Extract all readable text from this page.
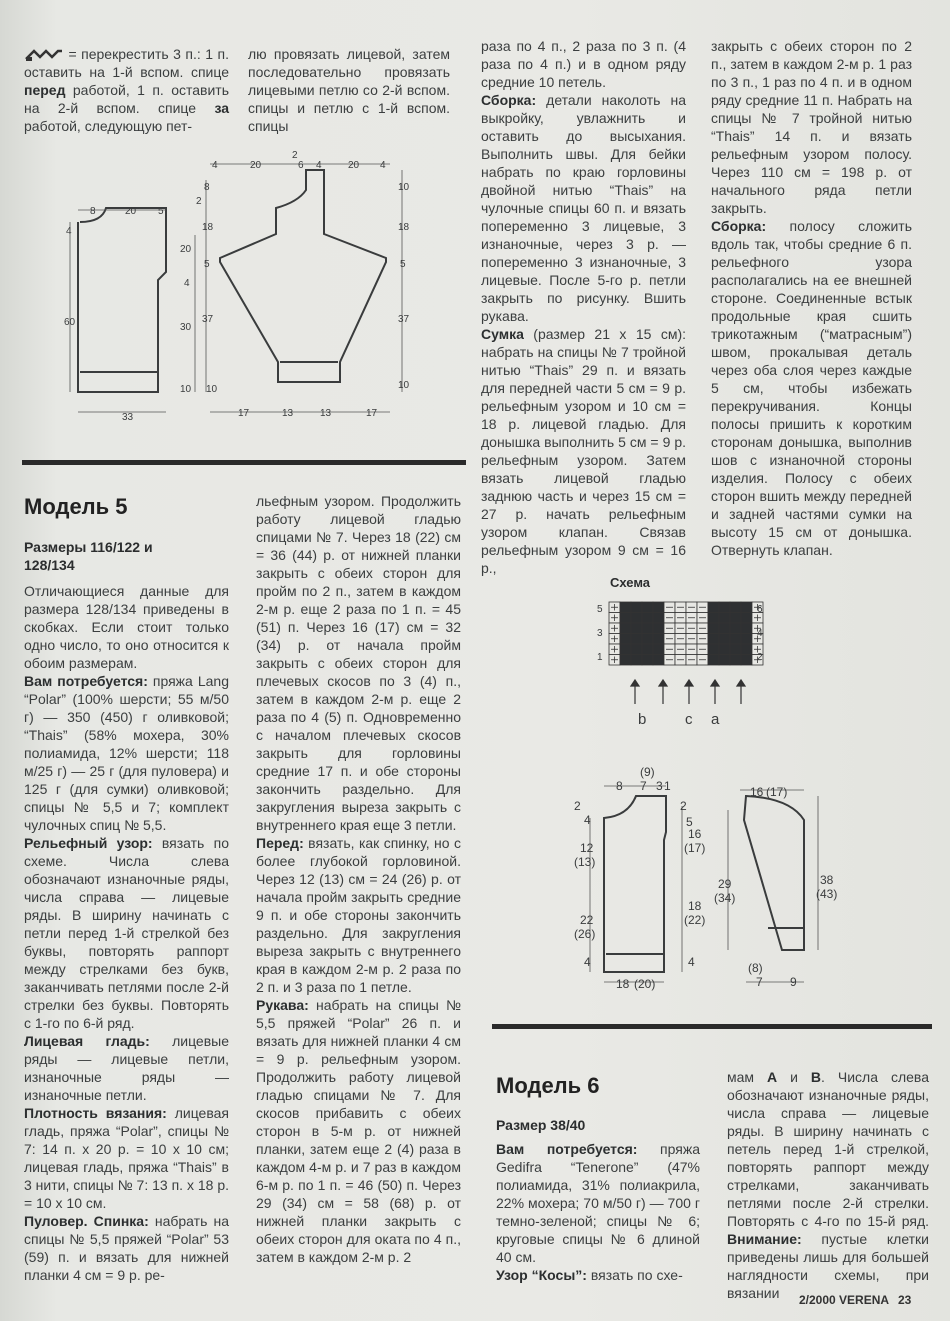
= перекрестить 3 п.: 1 п. оставить на 1-й вспом. спице перед работой, 1 п. оставить на 2-й вспом. спице за работой, следующую пет-

лю провязать лицевой, затем последовательно провязать лицевыми петлю со 2-й вспом. спицы и петлю с 1-й вспом. спицы

8	20 5
4
60
20
4
30
10
33
4	20
2
6 4	20 4
8
2
10
18	18
5	5
37	37
10	10
17	13	13	17

раза по 4 п., 2 раза по 3 п. (4 раза по 4 п.) и в одном ряду средние 10 петель.

Сборка: детали наколоть на выкройку, увлажнить и оставить до высыхания. Выполнить швы. Для бейки набрать по краю горловины двойной нитью “Thais” на чулочные спицы 60 п. и вязать попеременно 3 лицевые, 3 изнаночные, через 3 р. — попеременно 3 изнаночные, 3 лицевые. После 5-го р. петли закрыть по рисунку. Вшить рукава.

Сумка (размер 21 х 15 см): набрать на спицы № 7 тройной нитью “Thais” 29 п. и вязать для передней части 5 см = 9 р. рельефным узором и 10 см = 18 р. лицевой гладью. Для донышка выполнить 5 см = 9 р. рельефным узором. Затем вязать лицевой гладью заднюю часть и через 15 см = 27 р. начать рельефным узором клапан. Связав рельефным узором 9 см = 16 р.,

закрыть с обеих сторон по 2 п., затем в каждом 2-м р. 1 раз по 3 п., 1 раз по 4 п. и в одном ряду средние 11 п. Набрать на спицы № 7 тройной нитью “Thais” 14 п. и вязать рельефным узором полосу. Через 110 см = 198 р. от начального ряда петли закрыть.

Сборка: полосу сложить вдоль так, чтобы средние 6 п. рельефного узора располагались на ее внешней стороне. Соединенные встык продольные края сшить трикотажным (“матрасным”) швом, прокалывая деталь через оба слоя через каждые 5 см, чтобы избежать перекручивания. Концы полосы пришить к коротким сторонам донышка, выполнив шов с изнаночной стороны изделия. Полосу с обеих сторон вшить между передней и задней частями сумки на высоту 15 см от донышка. Отвернуть клапан.

Модель 5
Размеры 116/122 и 128/134

Отличающиеся данные для размера 128/134 приведены в скобках. Если стоит только одно число, то оно относится к обоим размерам.

Вам потребуется: пряжа Lang “Polar” (100% шерсти; 55 м/50 г) — 350 (450) г оливковой; “Thais” (58% мохера, 30% полиамида, 12% шерсти; 118 м/25 г) — 25 г (для пуловера) и 125 г (для сумки) оливковой; спицы № 5,5 и 7; комплект чулочных спиц № 5,5.

Рельефный узор: вязать по схеме. Числа слева обозначают изнаночные ряды, числа справа — лицевые ряды. В ширину начинать с петли перед 1-й стрелкой без буквы, повторять раппорт между стрелками без букв, заканчивать петлями после 2-й стрелки без буквы. Повторять с 1-го по 6-й ряд.

Лицевая гладь: лицевые ряды — лицевые петли, изнаночные ряды — изнаночные петли.

Плотность вязания: лицевая гладь, пряжа “Polar”, спицы № 7: 14 п. х 20 р. = 10 х 10 см; лицевая гладь, пряжа “Thais” в 3 нити, спицы № 7: 13 п. х 18 р. = 10 х 10 см.

Пуловер. Спинка: набрать на спицы № 5,5 пряжей “Polar” 53 (59) п. и вязать для нижней планки 4 см = 9 р. ре-

льефным узором. Продолжить работу лицевой гладью спицами № 7. Через 18 (22) см = 36 (44) р. от нижней планки закрыть с обеих сторон для пройм по 2 п., затем в каждом 2-м р. еще 2 раза по 1 п. = 45 (51) п. Через 16 (17) см = 32 (34) р. от начала пройм закрыть с обеих сторон для плечевых скосов по 3 (4) п., затем в каждом 2-м р. еще 2 раза по 4 (5) п. Одновременно с началом плечевых скосов закрыть для горловины средние 17 п. и обе стороны закончить раздельно. Для закругления выреза закрыть с внутреннего края еще 3 петли.

Перед: вязать, как спинку, но с более глубокой горловиной. Через 12 (13) см = 24 (26) р. от начала пройм закрыть средние 9 п. и обе стороны закончить раздельно. Для закругления выреза закрыть с внутреннего края в каждом 2-м р. 2 раза по 2 п. и 3 раза по 1 петле.

Рукава: набрать на спицы № 5,5 пряжей “Polar” 26 п. и вязать для нижней планки 4 см = 9 р. рельефным узором. Продолжить работу лицевой гладью спицами № 7. Для скосов прибавить с обеих сторон в 5-м р. от нижней планки, затем еще 2 (4) раза в каждом 4-м р. и 7 раз в каждом 6-м р. по 1 п. = 46 (50) п. Через 29 (34) см = 58 (68) р. от нижней планки закрыть с обеих сторон для оката по 4 п., затем в каждом 2-м р. 2

Схема
5
3
1
6
4
2
b	c a
(9)
8 7 3 1
2
4
2
5
12
(13)
16
(17)
18
(22)
22
(26)
4	4
18 (20)
16 (17)
29
(34)
38
(43)
(8)
7 9
Модель 6
Размер 38/40

Вам потребуется: пряжа Gedifra “Tenerone” (47% полиамида, 31% полиакрила, 22% мохера; 70 м/50 г) — 700 г темно-зеленой; спицы № 6; круговые спицы № 6 длиной 40 см.

Узор “Косы”: вязать по схе-

мам A и B. Числа слева обозначают изнаночные ряды, числа справа — лицевые ряды. В ширину начинать с петель перед 1-й стрелкой, повторять раппорт между стрелками, заканчивать петлями после 2-й стрелки. Повторять с 4-го по 15-й ряд. Внимание: пустые клетки приведены лишь для большей наглядности схемы, при вязании	2/2000 VERENA 23
